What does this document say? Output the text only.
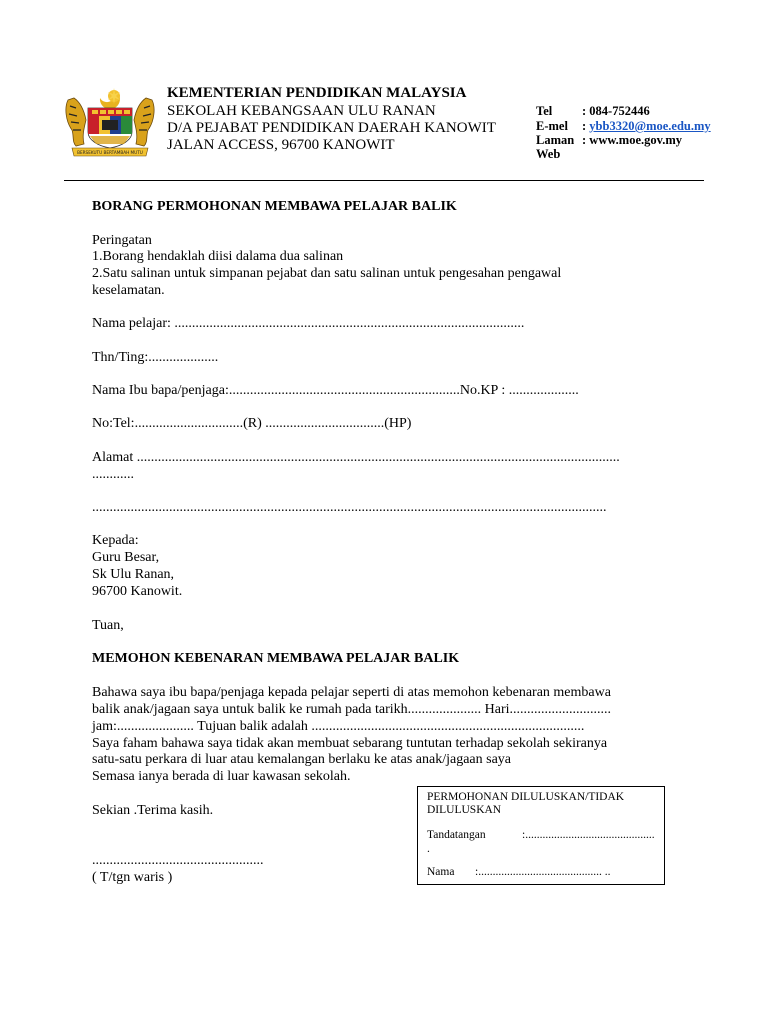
BERSEKUTU BERTAMBAH MUTU
KEMENTERIAN PENDIDIKAN MALAYSIA
SEKOLAH KEBANGSAAN ULU RANAN
D/A PEJABAT PENDIDIKAN DAERAH KANOWIT
JALAN ACCESS, 96700 KANOWIT
Tel : 084-752446
E-mel : ybb3320@moe.edu.my
Laman : www.moe.gov.my
Web
BORANG PERMOHONAN MEMBAWA PELAJAR BALIK
Peringatan
1.Borang hendaklah diisi dalama dua salinan
2.Satu salinan untuk simpanan pejabat dan satu salinan untuk pengesahan pengawal
keselamatan.
Nama pelajar: ....................................................................................................
Thn/Ting:....................
Nama Ibu bapa/penjaga:..................................................................No.KP : ....................
No:Tel:...............................(R) ..................................(HP)
Alamat ..........................................................................................................................................
............
...................................................................................................................................................
Kepada:
Guru Besar,
Sk Ulu Ranan,
96700 Kanowit.
Tuan,
MEMOHON KEBENARAN MEMBAWA PELAJAR BALIK
Bahawa saya ibu bapa/penjaga kepada pelajar seperti di atas memohon kebenaran membawa
balik anak/jagaan saya untuk balik ke rumah pada tarikh..................... Hari.............................
jam:...................... Tujuan balik adalah ..............................................................................
Saya faham bahawa saya tidak akan membuat sebarang tuntutan terhadap sekolah sekiranya
satu-satu perkara di luar atau kemalangan berlaku ke atas anak/jagaan saya
Semasa ianya berada di luar kawasan sekolah.
Sekian .Terima kasih.
.................................................
( T/tgn waris )
PERMOHONAN DILULUSKAN/TIDAK
DILULUSKAN
Tandatangan	:.............................................
.
Nama :........................................... ..
